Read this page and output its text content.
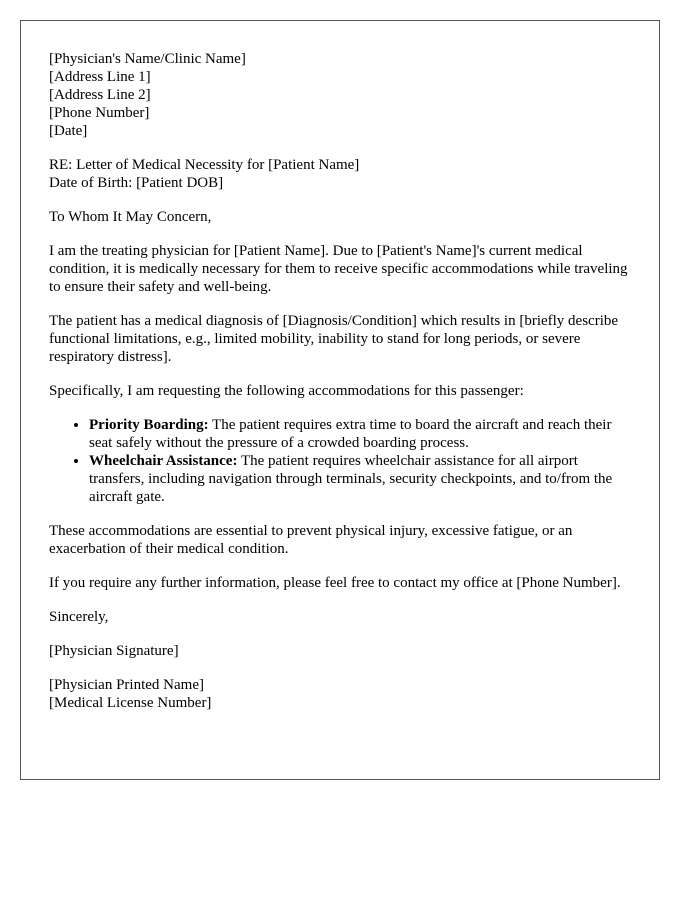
[Physician's Name/Clinic Name]
[Address Line 1]
[Address Line 2]
[Phone Number]
[Date]
RE: Letter of Medical Necessity for [Patient Name]
Date of Birth: [Patient DOB]

To Whom It May Concern,

I am the treating physician for [Patient Name]. Due to [Patient's Name]'s current medical condition, it is medically necessary for them to receive specific accommodations while traveling to ensure their safety and well-being.

The patient has a medical diagnosis of [Diagnosis/Condition] which results in [briefly describe functional limitations, e.g., limited mobility, inability to stand for long periods, or severe respiratory distress].

Specifically, I am requesting the following accommodations for this passenger:

• Priority Boarding: The patient requires extra time to board the aircraft and reach their seat safely without the pressure of a crowded boarding process.
• Wheelchair Assistance: The patient requires wheelchair assistance for all airport transfers, including navigation through terminals, security checkpoints, and to/from the aircraft gate.

These accommodations are essential to prevent physical injury, excessive fatigue, or an exacerbation of their medical condition.

If you require any further information, please feel free to contact my office at [Phone Number].

Sincerely,

[Physician Signature]

[Physician Printed Name]
[Medical License Number]
